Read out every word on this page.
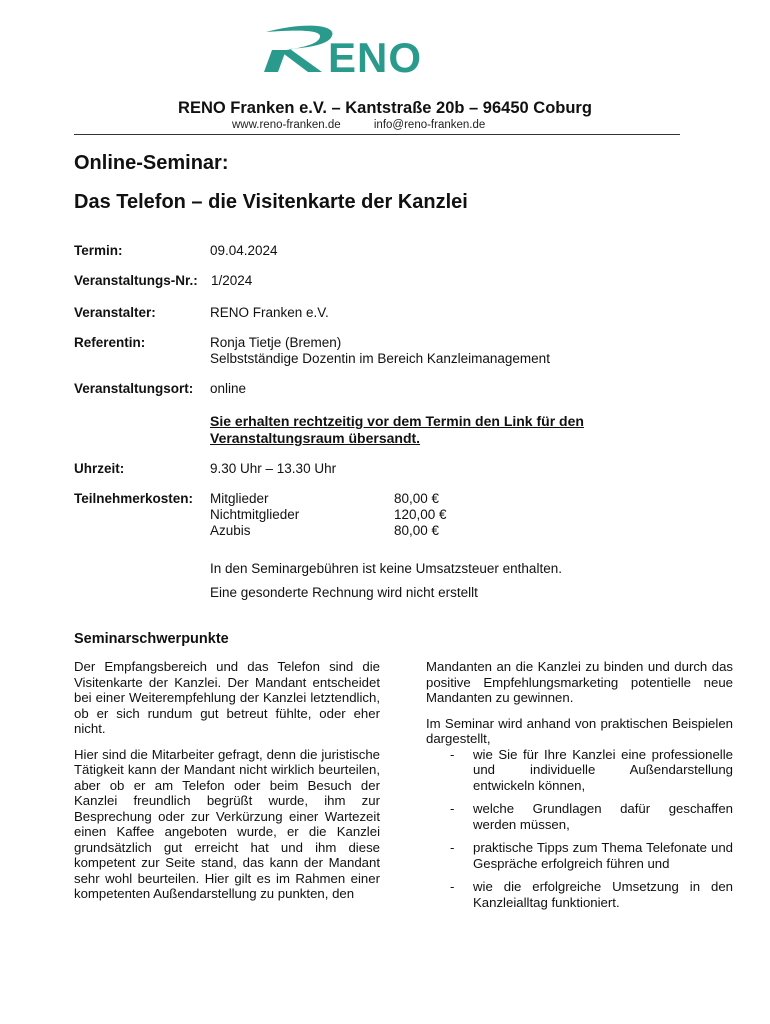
ENO
RENO Franken e.V. – Kantstraße 20b – 96450 Coburg
www.reno-franken.de	info@reno-franken.de
Online-Seminar:
Das Telefon – die Visitenkarte der Kanzlei
Termin:	09.04.2024
Veranstaltungs-Nr.: 1/2024
Veranstalter:	RENO Franken e.V.
Referentin:	Ronja Tietje (Bremen)
Selbstständige Dozentin im Bereich Kanzleimanagement
Veranstaltungsort: online
Sie erhalten rechtzeitig vor dem Termin den Link für den
Veranstaltungsraum übersandt.
Uhrzeit:	9.30 Uhr – 13.30 Uhr
Teilnehmerkosten: Mitglieder	80,00 €
Nichtmitglieder	120,00 €
Azubis	80,00 €
In den Seminargebühren ist keine Umsatzsteuer enthalten.
Eine gesonderte Rechnung wird nicht erstellt
Seminarschwerpunkte

Der Empfangsbereich und das Telefon sind die Visitenkarte der Kanzlei. Der Mandant entscheidet bei einer Weiterempfehlung der Kanzlei letztendlich, ob er sich rundum gut betreut fühlte, oder eher nicht.

Hier sind die Mitarbeiter gefragt, denn die juristische Tätigkeit kann der Mandant nicht wirklich beurteilen, aber ob er am Telefon oder beim Besuch der Kanzlei freundlich begrüßt wurde, ihm zur Besprechung oder zur Verkürzung einer Wartezeit einen Kaffee angeboten wurde, er die Kanzlei grundsätzlich gut erreicht hat und ihm diese kompetent zur Seite stand, das kann der Mandant sehr wohl beurteilen. Hier gilt es im Rahmen einer kompetenten Außendarstellung zu punkten, den

Mandanten an die Kanzlei zu binden und durch das positive Empfehlungsmarketing potentielle neue Mandanten zu gewinnen.

Im Seminar wird anhand von praktischen Beispielen dargestellt,

- wie Sie für Ihre Kanzlei eine professionelle und individuelle Außendarstellung entwickeln können,
- welche Grundlagen dafür geschaffen werden müssen,
- praktische Tipps zum Thema Telefonate und Gespräche erfolgreich führen und
- wie die erfolgreiche Umsetzung in den Kanzleialltag funktioniert.
